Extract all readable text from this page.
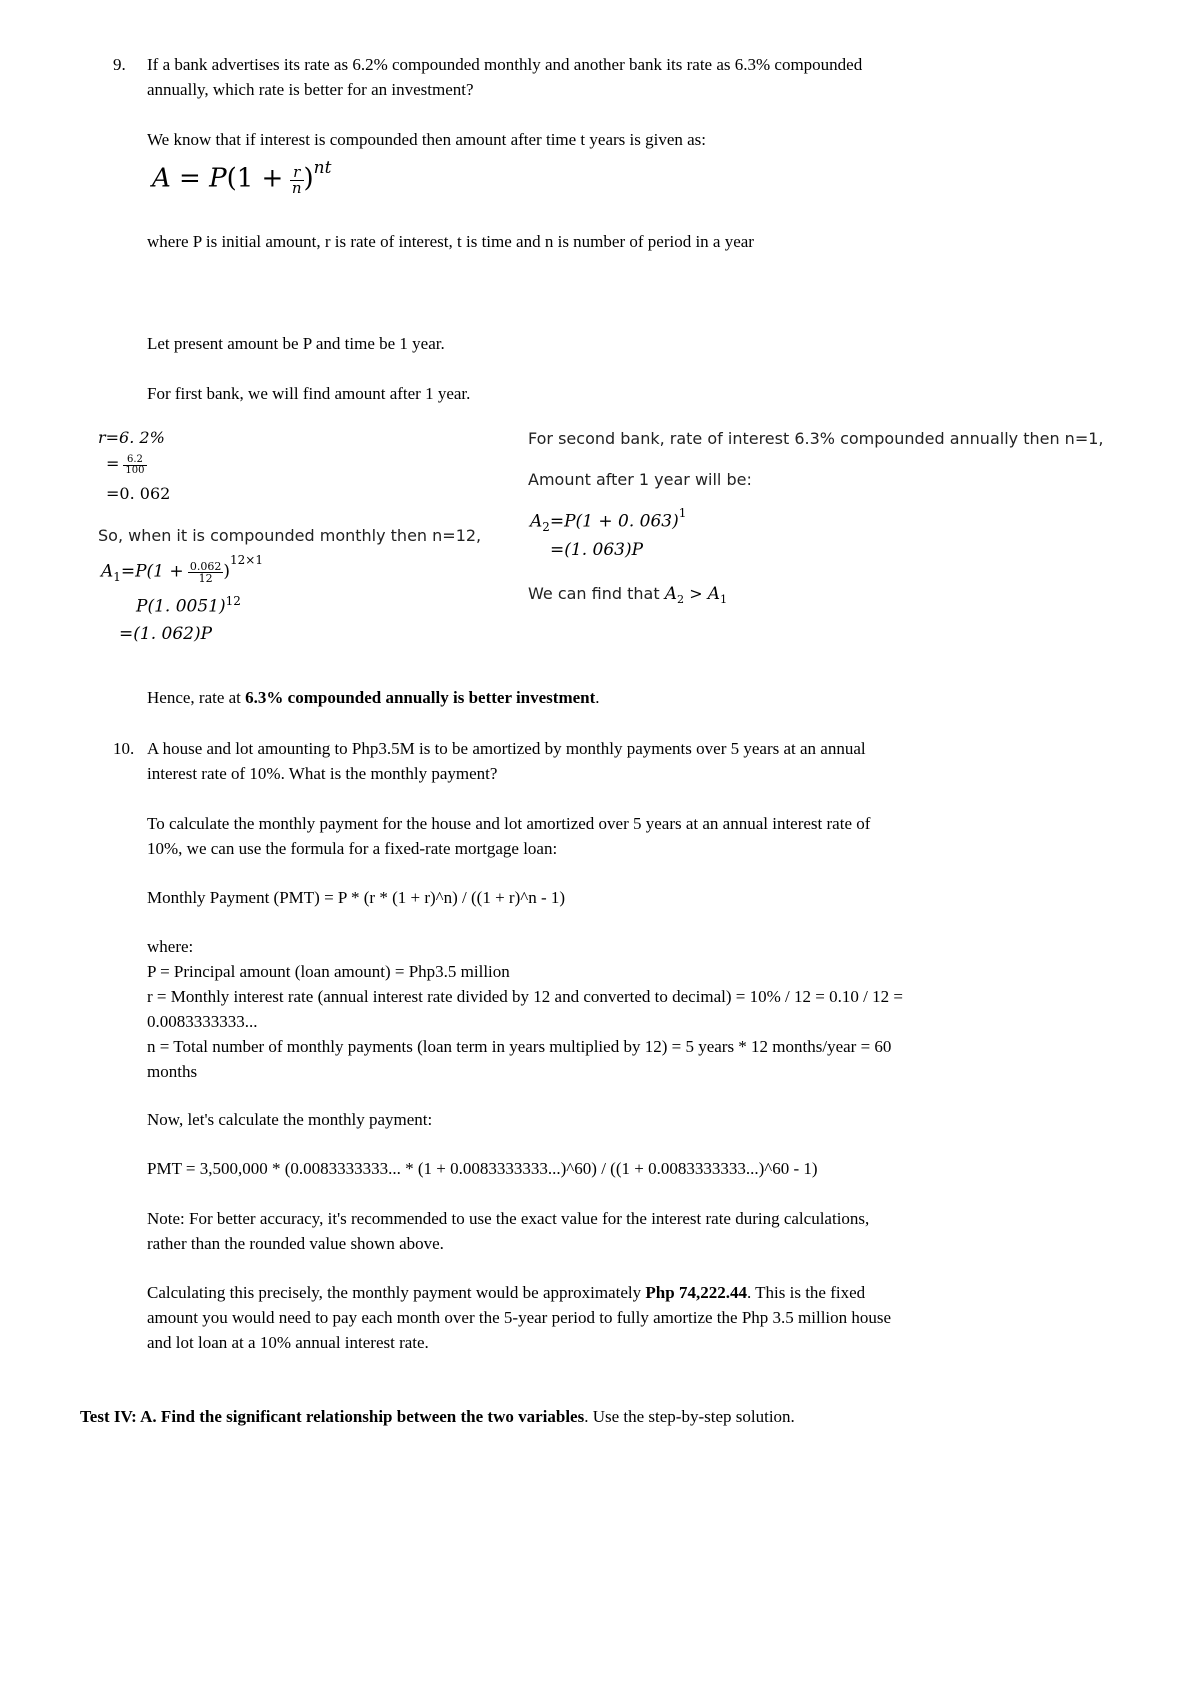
9. If a bank advertises its rate as 6.2% compounded monthly and another bank its rate as 6.3% compounded
annually, which rate is better for an investment?
We know that if interest is compounded then amount after time t years is given as:
$A = P(1 + \frac{r}{n} )^{nt}$
where P is initial amount, r is rate of interest, t is time and n is number of period in a year
Let present amount be P and time be 1 year.
For first bank, we will find amount after 1 year.
r=6. 2%
= $\frac{6.2}{100}$
=0. 062
So, when it is compounded monthly then n=12,
$A_1=P(1 + \frac{0.062}{12} )^{12\times 1}$
P(1. 0051)$^{12}$
=(1. 062)P
For second bank, rate of interest 6.3% compounded annually then n=1,
Amount after 1 year will be:
$A_2=P(1 + 0$. 063)$^1$
=(1. 063)P
We can find that $A_2 > A_1$
Hence, rate at 6.3% compounded annually is better investment.
10. A house and lot amounting to Php3.5M is to be amortized by monthly payments over 5 years at an annual
interest rate of 10%. What is the monthly payment?
To calculate the monthly payment for the house and lot amortized over 5 years at an annual interest rate of
10%, we can use the formula for a fixed-rate mortgage loan:
Monthly Payment (PMT) = P * (r * (1 + r)^n) / ((1 + r)^n - 1)
where:
P = Principal amount (loan amount) = Php3.5 million
r = Monthly interest rate (annual interest rate divided by 12 and converted to decimal) = 10% / 12 = 0.10 / 12 =
0.0083333333...
n = Total number of monthly payments (loan term in years multiplied by 12) = 5 years * 12 months/year = 60
months
Now, let's calculate the monthly payment:
PMT = 3,500,000 * (0.0083333333... * (1 + 0.0083333333...)^60) / ((1 + 0.0083333333...)^60 - 1)
Note: For better accuracy, it's recommended to use the exact value for the interest rate during calculations,
rather than the rounded value shown above.
Calculating this precisely, the monthly payment would be approximately Php 74,222.44. This is the fixed
amount you would need to pay each month over the 5-year period to fully amortize the Php 3.5 million house
and lot loan at a 10% annual interest rate.
Test IV: A. Find the significant relationship between the two variables. Use the step-by-step solution.
